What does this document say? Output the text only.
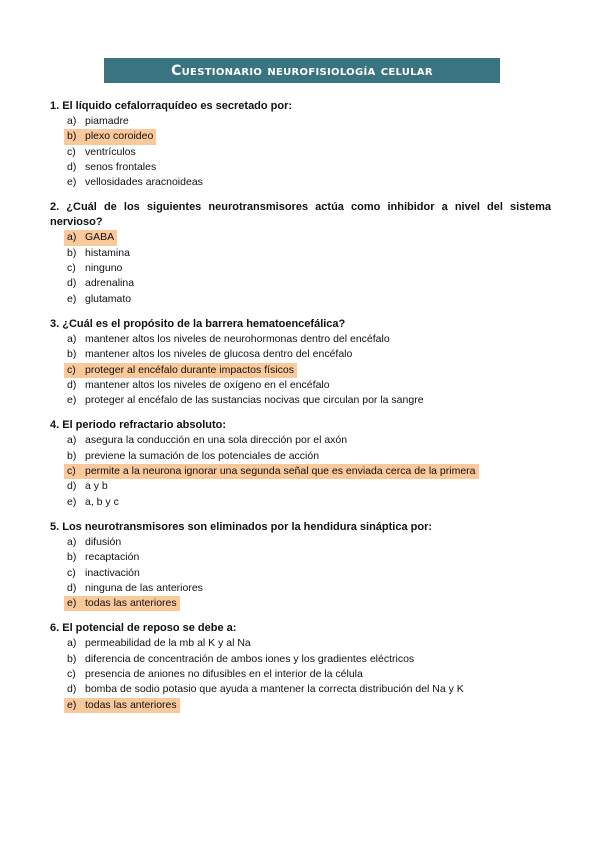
Cuestionario neurofisiología celular
1. El líquido cefalorraquídeo es secretado por:
a) piamadre
b) plexo coroideo
c) ventrículos
d) senos frontales
e) vellosidades aracnoideas
2. ¿Cuál de los siguientes neurotransmisores actúa como inhibidor a nivel del sistema nervioso?
a) GABA
b) histamina
c) ninguno
d) adrenalina
e) glutamato
3. ¿Cuál es el propósito de la barrera hematoencefálica?
a) mantener altos los niveles de neurohormonas dentro del encéfalo
b) mantener altos los niveles de glucosa dentro del encéfalo
c) proteger al encéfalo durante impactos físicos
d) mantener altos los niveles de oxígeno en el encéfalo
e) proteger al encéfalo de las sustancias nocivas que circulan por la sangre
4. El periodo refractario absoluto:
a) asegura la conducción en una sola dirección por el axón
b) previene la sumación de los potenciales de acción
c) permite a la neurona ignorar una segunda señal que es enviada cerca de la primera
d) a y b
e) a, b y c
5. Los neurotransmisores son eliminados por la hendidura sináptica por:
a) difusión
b) recaptación
c) inactivación
d) ninguna de las anteriores
e) todas las anteriores
6. El potencial de reposo se debe a:
a) permeabilidad de la mb al K y al Na
b) diferencia de concentración de ambos iones y los gradientes eléctricos
c) presencia de aniones no difusibles en el interior de la célula
d) bomba de sodio potasio que ayuda a mantener la correcta distribución del Na y K
e) todas las anteriores
